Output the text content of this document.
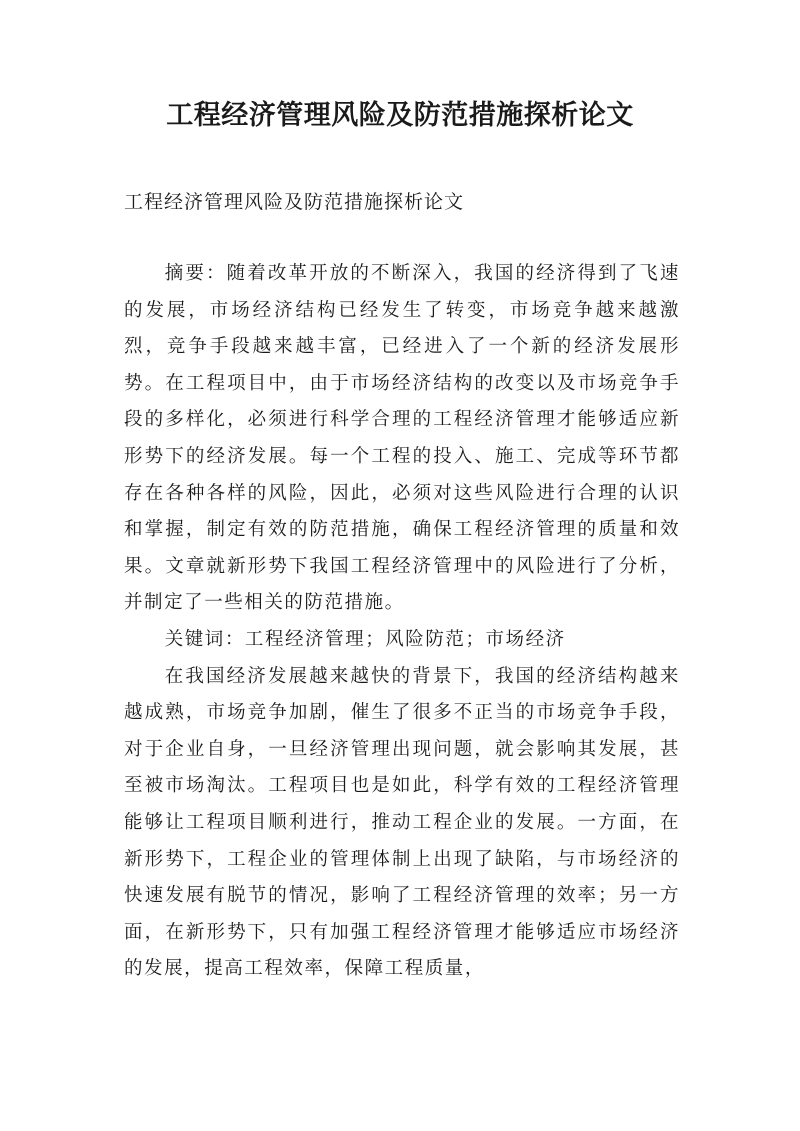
工程经济管理风险及防范措施探析论文
工程经济管理风险及防范措施探析论文

摘要：随着改革开放的不断深入，我国的经济得到了飞速的发展，市场经济结构已经发生了转变，市场竞争越来越激烈，竞争手段越来越丰富，已经进入了一个新的经济发展形势。在工程项目中，由于市场经济结构的改变以及市场竞争手段的多样化，必须进行科学合理的工程经济管理才能够适应新形势下的经济发展。每一个工程的投入、施工、完成等环节都存在各种各样的风险，因此，必须对这些风险进行合理的认识和掌握，制定有效的防范措施，确保工程经济管理的质量和效果。文章就新形势下我国工程经济管理中的风险进行了分析，并制定了一些相关的防范措施。

关键词：工程经济管理；风险防范；市场经济

在我国经济发展越来越快的背景下，我国的经济结构越来越成熟，市场竞争加剧，催生了很多不正当的市场竞争手段，对于企业自身，一旦经济管理出现问题，就会影响其发展，甚至被市场淘汰。工程项目也是如此，科学有效的工程经济管理能够让工程项目顺利进行，推动工程企业的发展。一方面，在新形势下，工程企业的管理体制上出现了缺陷，与市场经济的快速发展有脱节的情况，影响了工程经济管理的效率；另一方面，在新形势下，只有加强工程经济管理才能够适应市场经济的发展，提高工程效率，保障工程质量，
